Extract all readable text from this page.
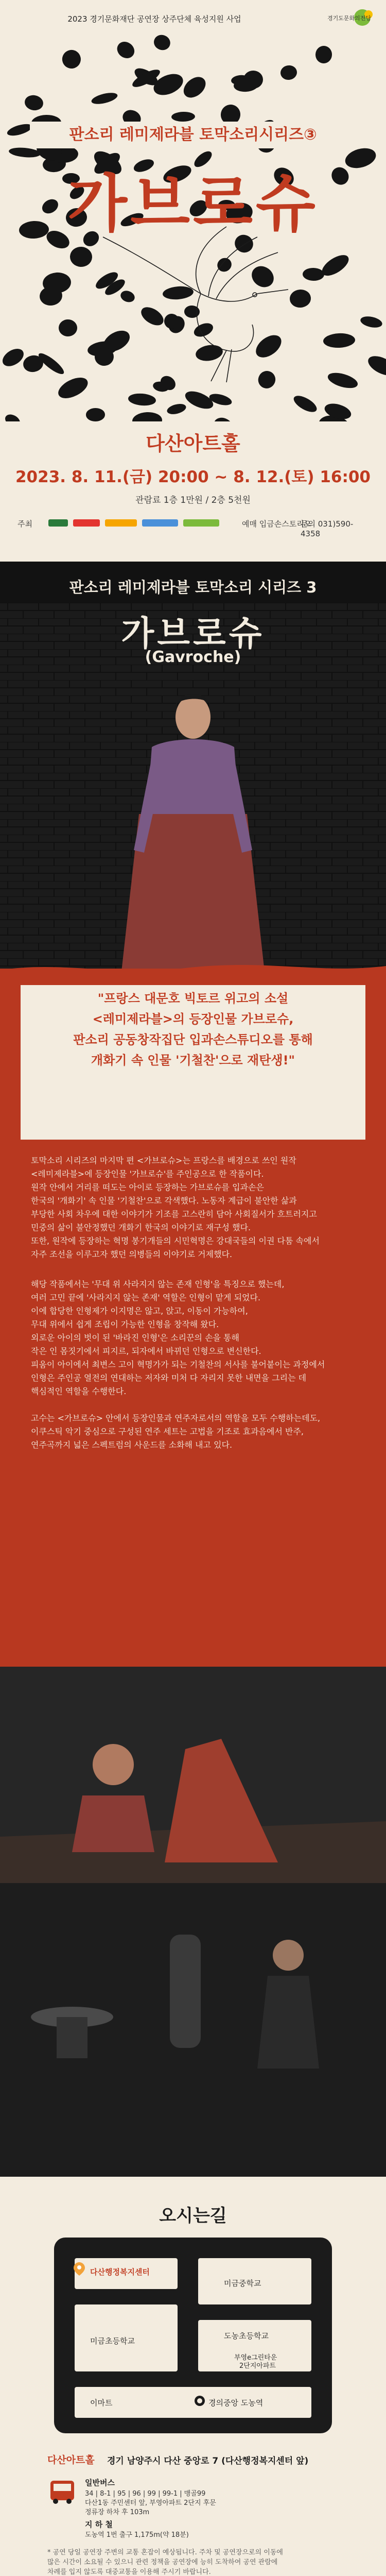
2023 경기문화재단 공연장 상주단체 육성지원 사업	경기도문화의전당
판소리 레미제라블 토막소리시리즈③
가브로슈
다산아트홀
2023. 8. 11.(금) 20:00 ~ 8. 12.(토) 16:00
관람료 1층 1만원 / 2층 5천원
주최	예매 입금손스토리오
문의 031)590-4358
판소리 레미제라블 토막소리 시리즈 3
가브로슈
(Gavroche)
"프랑스 대문호 빅토르 위고의 소설
<레미제라블>의 등장인물 가브로슈,
판소리 공동창작집단 입과손스튜디오를 통해
개화기 속 인물 '기철찬'으로 재탄생!"
토막소리 시리즈의 마지막 편 <가브로슈>는 프랑스를 배경으로 쓰인 원작
<레미제라블>에 등장인물 '가브로슈'를 주인공으로 한 작품이다.
원작 안에서 거리를 떠도는 아이로 등장하는 가브로슈를 입과손은
한국의 '개화기' 속 인물 '기철찬'으로 각색했다. 노동자 계급이 불안한 삶과
부당한 사회 차우에 대한 이야기가 기조를 고스란히 담아 사회질서가 흐트러지고
민중의 삶이 불안정했던 개화기 한국의 이야기로 재구성 했다.
또한, 원작에 등장하는 혁명 봉기개들의 시민혁명은 강대국들의 이권 다툼 속에서
자주 조선을 이루고자 했던 의병들의 이야기로 거제했다.
해당 작품에서는 '무대 위 사라지지 않는 존재 인형'을 특징으로 했는데,
여러 고민 끝에 '사라지지 않는 존재' 역할은 인형이 맡게 되었다.
이에 합당한 인형제가 이지명은 않고, 앉고, 이동이 가능하여,
무대 위에서 쉽게 조립이 가능한 인형을 창작해 왔다.
외로운 아이의 벗이 된 '바라진 인형'은 소리꾼의 손을 통해
작은 인 몸짓기에서 피지르, 되자에서 바뀌던 인형으로 변신한다.
피움이 아이에서 최변스 고이 혁명가가 되는 기철찬의 서사를 불어붙이는 과정에서
인형은 주인공 열전의 연대하는 저자와 미처 다 자리지 못한 내면을 그리는 데
핵심적인 역할을 수행한다.
고수는 <가브로슈> 안에서 등장인물과 연주자로서의 역할을 모두 수행하는데도,
이쿠스틱 악기 중심으로 구성된 연주 세트는 고법을 기조로 효과음에서 반주,
연주곡까지 넓은 스펙트럼의 사운드를 소화해 내고 있다.
오시는길
다산행정복지센터
미금중학교
도농초등학교
미금초등학교
부영e그린타운
2단지아파트
이마트	경의중앙 도농역
다산아트홀 경기 남양주시 다산 중앙로 7 (다산행정복지센터 앞)
일반버스
34 | 8-1 | 95 | 96 | 99 | 99-1 | 맹골99
다산1동 주민센터 앞, 부영아파트 2단지 후문
정류장 하차 후 103m
지 하 철
도농역 1번 출구 1,175m(약 18분)
* 공연 당일 공연장 주변의 교통 혼잡이 예상됩니다. 주차 및 공연장으로의 이동에
많은 시간이 소요될 수 있으니 관련 정책을 공연장에 능히 도착하여 공연 관람에
차례를 입지 않도록 대중교통을 이용해 주시기 바랍니다.
